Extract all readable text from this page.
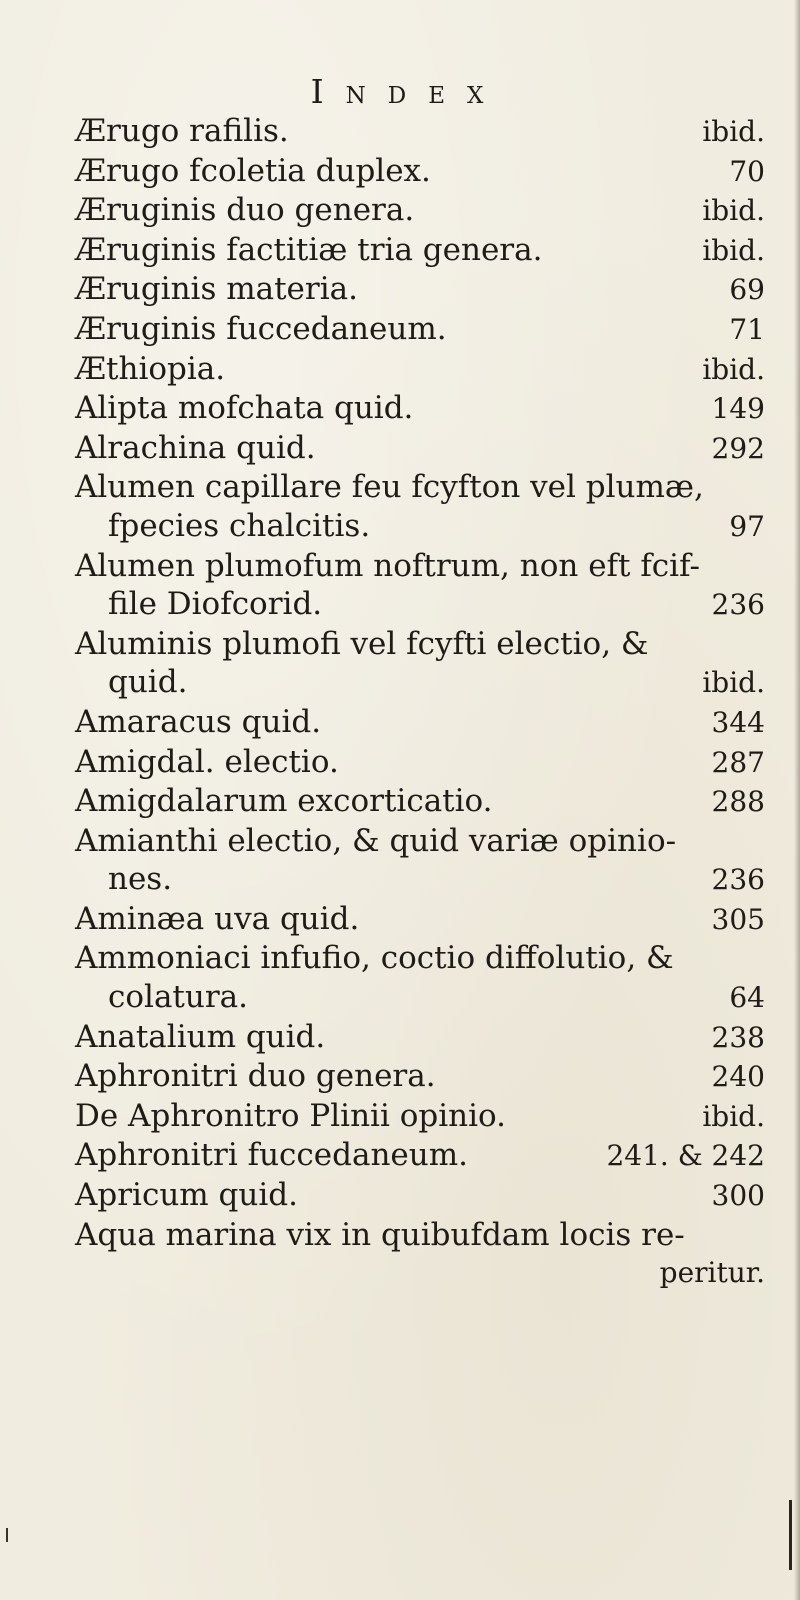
Index
Ærugo rafilis.	ibid.
Ærugo fcoletia duplex.	70
Æruginis duo genera.	ibid.
Æruginis factitiæ tria genera.	ibid.
Æruginis materia.	69
Æruginis fuccedaneum.	71
Æthiopia.	ibid.
Alipta mofchata quid.	149
Alrachina quid.	292
Alumen capillare feu fcyfton vel plumæ,
fpecies chalcitis.	97
Alumen plumofum noftrum, non eft fcif-
file Diofcorid.	236
Aluminis plumofi vel fcyfti electio, &
quid.	ibid.
Amaracus quid.	344
Amigdal. electio.	287
Amigdalarum excorticatio.	288
Amianthi electio, & quid variæ opinio-
nes.	236
Aminæa uva quid.	305
Ammoniaci infufio, coctio diffolutio, &
colatura.	64
Anatalium quid.	238
Aphronitri duo genera.	240
De Aphronitro Plinii opinio.	ibid.
Aphronitri fuccedaneum.	241. & 242
Apricum quid.	300
Aqua marina vix in quibufdam locis re-
peritur.
